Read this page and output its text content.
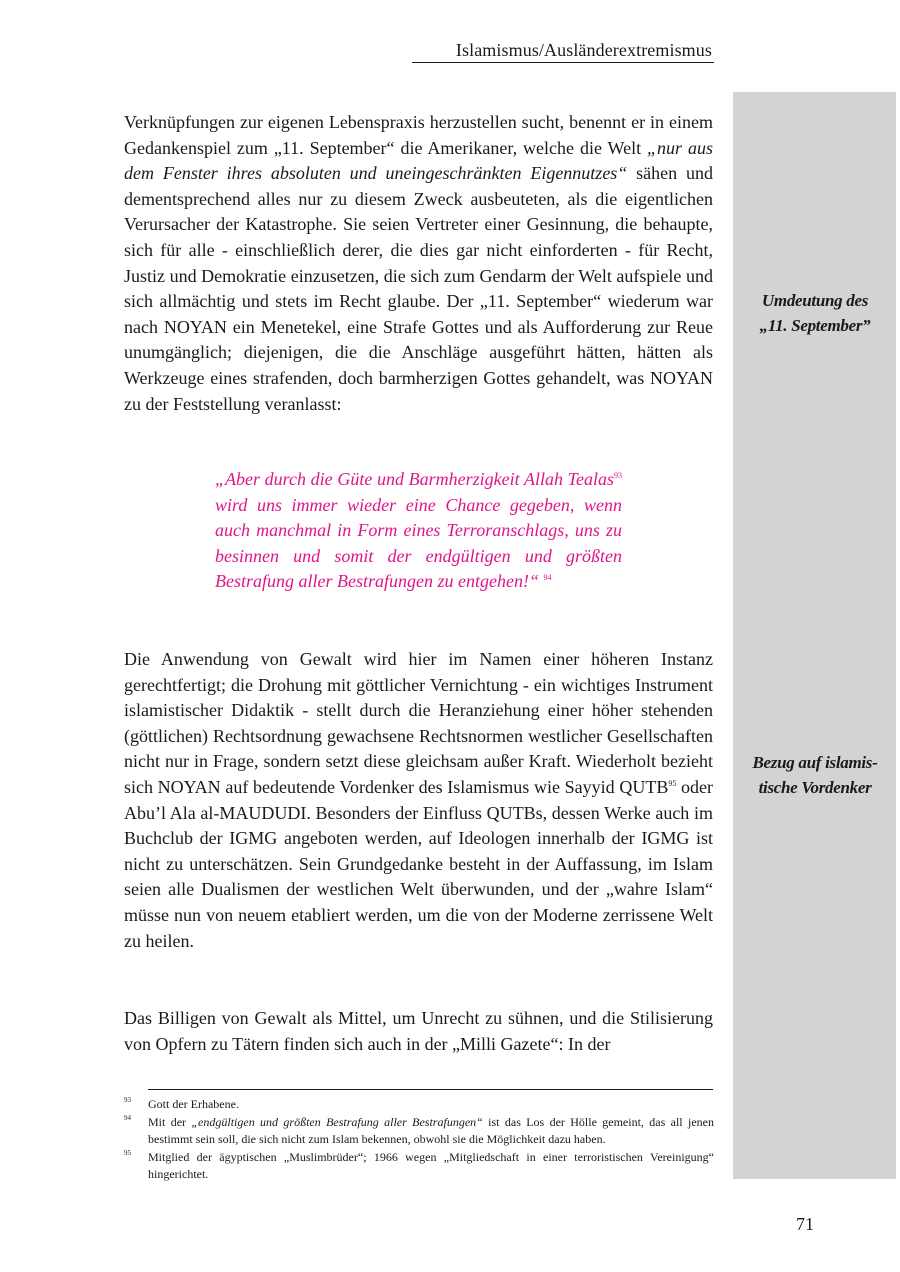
Islamismus/Ausländerextremismus
Umdeutung des
„11. September”
Bezug auf islamis-
tische Vordenker

Verknüpfungen zur eigenen Lebenspraxis herzustellen sucht, benennt er in einem Gedankenspiel zum „11. September“ die Amerikaner, welche die Welt „nur aus dem Fenster ihres absoluten und uneingeschränkten Eigennutzes“ sähen und dementsprechend alles nur zu diesem Zweck ausbeuteten, als die eigentlichen Verursacher der Katastrophe. Sie seien Vertreter einer Gesinnung, die behaupte, sich für alle - einschließlich derer, die dies gar nicht einforderten - für Recht, Justiz und Demokratie einzusetzen, die sich zum Gendarm der Welt aufspiele und sich allmächtig und stets im Recht glaube. Der „11. September“ wiederum war nach NOYAN ein Menetekel, eine Strafe Gottes und als Aufforderung zur Reue unumgänglich; diejenigen, die die Anschläge ausgeführt hätten, hätten als Werkzeuge eines strafenden, doch barmherzigen Gottes gehandelt, was NOYAN zu der Feststellung veranlasst:

„Aber durch die Güte und Barmherzigkeit Allah Tealas$^{93}$ wird uns immer wieder eine Chance gegeben, wenn auch manchmal in Form eines Terroranschlags, uns zu besinnen und somit der endgültigen und größten Bestrafung aller Bestrafungen zu entgehen!“ $^{94}$

Die Anwendung von Gewalt wird hier im Namen einer höheren Instanz gerechtfertigt; die Drohung mit göttlicher Vernichtung - ein wichtiges Instrument islamistischer Didaktik - stellt durch die Heranziehung einer höher stehenden (göttlichen) Rechtsordnung gewachsene Rechtsnormen westlicher Gesellschaften nicht nur in Frage, sondern setzt diese gleichsam außer Kraft. Wiederholt bezieht sich NOYAN auf bedeutende Vordenker des Islamismus wie Sayyid QUTB$^{95}$ oder Abu’l Ala al-MAUDUDI. Besonders der Einfluss QUTBs, dessen Werke auch im Buchclub der IGMG angeboten werden, auf Ideologen innerhalb der IGMG ist nicht zu unterschätzen. Sein Grundgedanke besteht in der Auffassung, im Islam seien alle Dualismen der westlichen Welt überwunden, und der „wahre Islam“ müsse nun von neuem etabliert werden, um die von der Moderne zerrissene Welt zu heilen.

Das Billigen von Gewalt als Mittel, um Unrecht zu sühnen, und die Stilisierung von Opfern zu Tätern finden sich auch in der „Milli Gazete“: In der

93 Gott der Erhabene.
94 Mit der „endgültigen und größten Bestrafung aller Bestrafungen“ ist das Los der Hölle gemeint, das all jenen bestimmt sein soll, die sich nicht zum Islam bekennen, obwohl sie die Möglichkeit dazu haben.
95 Mitglied der ägyptischen „Muslimbrüder“; 1966 wegen „Mitgliedschaft in einer terroristischen Vereinigung“ hingerichtet.
71
